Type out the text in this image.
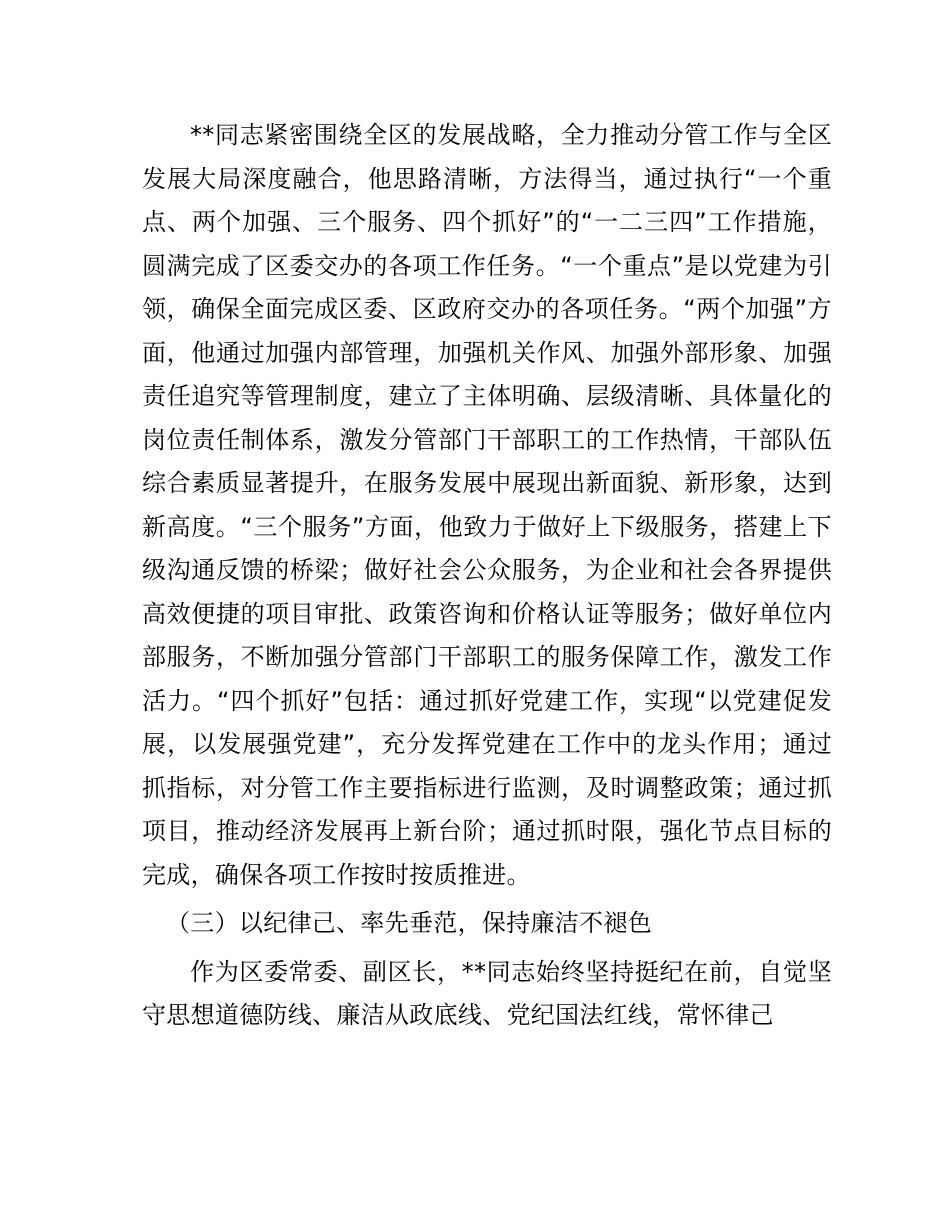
**同志紧密围绕全区的发展战略，全力推动分管工作与全区发展大局深度融合，他思路清晰，方法得当，通过执行“一个重点、两个加强、三个服务、四个抓好”的“一二三四”工作措施，圆满完成了区委交办的各项工作任务。“一个重点”是以党建为引领，确保全面完成区委、区政府交办的各项任务。“两个加强”方面，他通过加强内部管理，加强机关作风、加强外部形象、加强责任追究等管理制度，建立了主体明确、层级清晰、具体量化的岗位责任制体系，激发分管部门干部职工的工作热情，干部队伍综合素质显著提升，在服务发展中展现出新面貌、新形象，达到新高度。“三个服务”方面，他致力于做好上下级服务，搭建上下级沟通反馈的桥梁；做好社会公众服务，为企业和社会各界提供高效便捷的项目审批、政策咨询和价格认证等服务；做好单位内部服务，不断加强分管部门干部职工的服务保障工作，激发工作活力。“四个抓好”包括：通过抓好党建工作，实现“以党建促发展，以发展强党建”，充分发挥党建在工作中的龙头作用；通过抓指标，对分管工作主要指标进行监测，及时调整政策；通过抓项目，推动经济发展再上新台阶；通过抓时限，强化节点目标的完成，确保各项工作按时按质推进。

（三）以纪律己、率先垂范，保持廉洁不褪色

作为区委常委、副区长，**同志始终坚持挺纪在前，自觉坚守思想道德防线、廉洁从政底线、党纪国法红线，常怀律己
